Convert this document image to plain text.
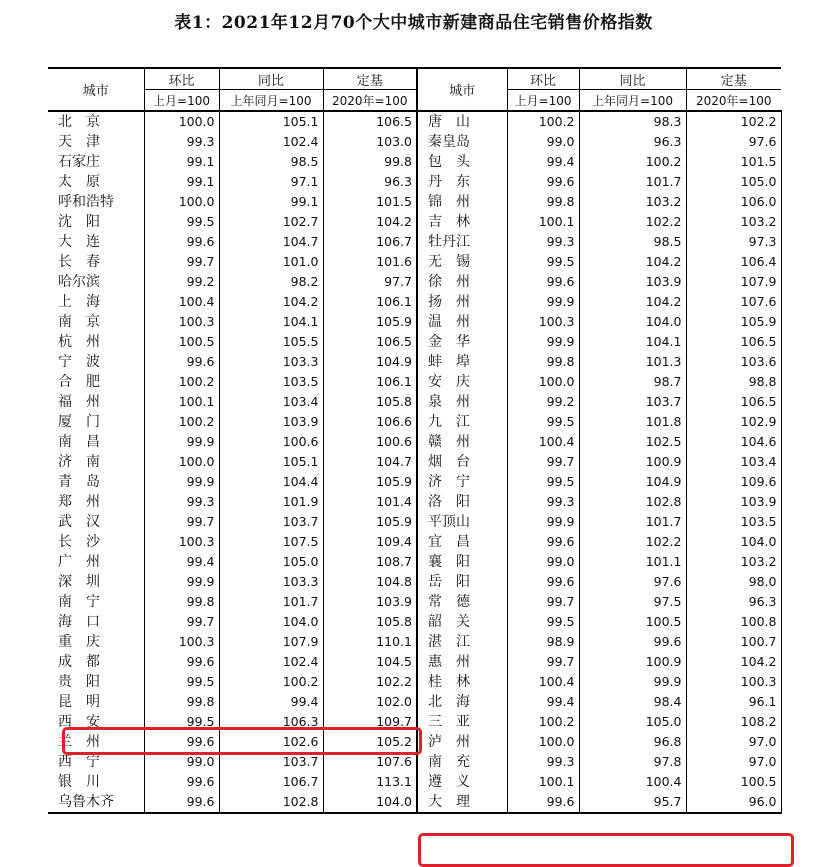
表1：2021年12月70个大中城市新建商品住宅销售价格指数
城市	环比	同比	定基	城市	环比	同比	定基
	上月=100	上年同月=100	2020年=100		上月=100	上年同月=100	2020年=100
北　京	100.0	105.1	106.5	唐　山	100.2	98.3	102.2
天　津	99.3	102.4	103.0	秦皇岛	99.0	96.3	97.6
石家庄	99.1	98.5	99.8	包　头	99.4	100.2	101.5
太　原	99.1	97.1	96.3	丹　东	99.6	101.7	105.0
呼和浩特	100.0	99.1	101.5	锦　州	99.8	103.2	106.0
沈　阳	99.5	102.7	104.2	吉　林	100.1	102.2	103.2
大　连	99.6	104.7	106.7	牡丹江	99.3	98.5	97.3
长　春	99.7	101.0	101.6	无　锡	99.5	104.2	106.4
哈尔滨	99.2	98.2	97.7	徐　州	99.6	103.9	107.9
上　海	100.4	104.2	106.1	扬　州	99.9	104.2	107.6
南　京	100.3	104.1	105.9	温　州	100.3	104.0	105.9
杭　州	100.5	105.5	106.5	金　华	99.9	104.1	106.5
宁　波	99.6	103.3	104.9	蚌　埠	99.8	101.3	103.6
合　肥	100.2	103.5	106.1	安　庆	100.0	98.7	98.8
福　州	100.1	103.4	105.8	泉　州	99.2	103.7	106.5
厦　门	100.2	103.9	106.6	九　江	99.5	101.8	102.9
南　昌	99.9	100.6	100.6	赣　州	100.4	102.5	104.6
济　南	100.0	105.1	104.7	烟　台	99.7	100.9	103.4
青　岛	99.9	104.4	105.9	济　宁	99.5	104.9	109.6
郑　州	99.3	101.9	101.4	洛　阳	99.3	102.8	103.9
武　汉	99.7	103.7	105.9	平顶山	99.9	101.7	103.5
长　沙	100.3	107.5	109.4	宜　昌	99.6	102.2	104.0
广　州	99.4	105.0	108.7	襄　阳	99.0	101.1	103.2
深　圳	99.9	103.3	104.8	岳　阳	99.6	97.6	98.0
南　宁	99.8	101.7	103.9	常　德	99.7	97.5	96.3
海　口	99.7	104.0	105.8	韶　关	99.5	100.5	100.8
重　庆	100.3	107.9	110.1	湛　江	98.9	99.6	100.7
成　都	99.6	102.4	104.5	惠　州	99.7	100.9	104.2
贵　阳	99.5	100.2	102.2	桂　林	100.4	99.9	100.3
昆　明	99.8	99.4	102.0	北　海	99.4	98.4	96.1
西　安	99.5	106.3	109.7	三　亚	100.2	105.0	108.2
兰　州	99.6	102.6	105.2	泸　州	100.0	96.8	97.0
西　宁	99.0	103.7	107.6	南　充	99.3	97.8	97.0
银　川	99.6	106.7	113.1	遵　义	100.1	100.4	100.5
乌鲁木齐	99.6	102.8	104.0	大　理	99.6	95.7	96.0
